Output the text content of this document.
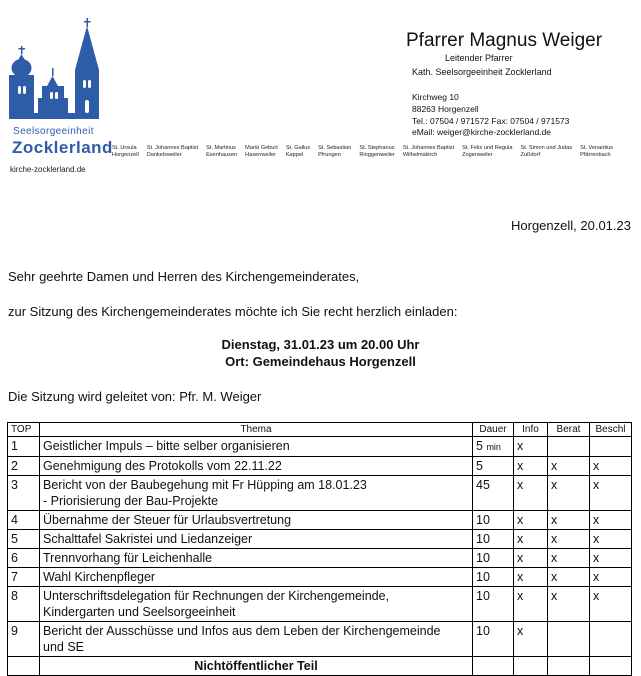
Seelsorgeeinheit
Zocklerland
kirche-zocklerland.de
St. Ursula
Horgenzell
St. Johannes Baptist
Dankelsweiler
St. Martinus
Esenhausen
Mariä Geburt
Hasenweiler
St. Gallus
Kappel
St. Sebastian
Pfrungen
St. Stephanus
Ringgenweiler
St. Johannes Baptist
Wilhelmskirch
St. Felix und Regula
Zogenweiler
St. Simon und Judas
Zußdorf
St. Venantius
Pfärrenbach
Pfarrer Magnus Weiger
Leitender Pfarrer
Kath. Seelsorgeeinheit Zocklerland
Kirchweg 10
88263 Horgenzell
Tel.: 07504 / 971572 Fax: 07504 / 971573
eMail: weiger@kirche-zocklerland.de
Horgenzell, 20.01.23
Sehr geehrte Damen und Herren des Kirchengemeinderates,
zur Sitzung des Kirchengemeinderates möchte ich Sie recht herzlich einladen:
Dienstag, 31.01.23 um 20.00 Uhr
Ort: Gemeindehaus Horgenzell
Die Sitzung wird geleitet von: Pfr. M. Weiger
TOP	Thema	Dauer	Info	Berat	Beschl
1	Geistlicher Impuls – bitte selber organisieren	5 min	x		
2	Genehmigung des Protokolls vom 22.11.22	5	x	x	x
3	Bericht von der Baubegehung mit Fr Hüpping am 18.01.23
- Priorisierung der Bau-Projekte	45	x	x	x
4	Übernahme der Steuer für Urlaubsvertretung	10	x	x	x
5	Schalttafel Sakristei und Liedanzeiger	10	x	x	x
6	Trennvorhang für Leichenhalle	10	x	x	x
7	Wahl Kirchenpfleger	10	x	x	x
8	Unterschriftsdelegation für Rechnungen der Kirchengemeinde,
Kindergarten und Seelsorgeeinheit	10	x	x	x
9	Bericht der Ausschüsse und Infos aus dem Leben der Kirchengemeinde
und SE	10	x		
	Nichtöffentlicher Teil				
